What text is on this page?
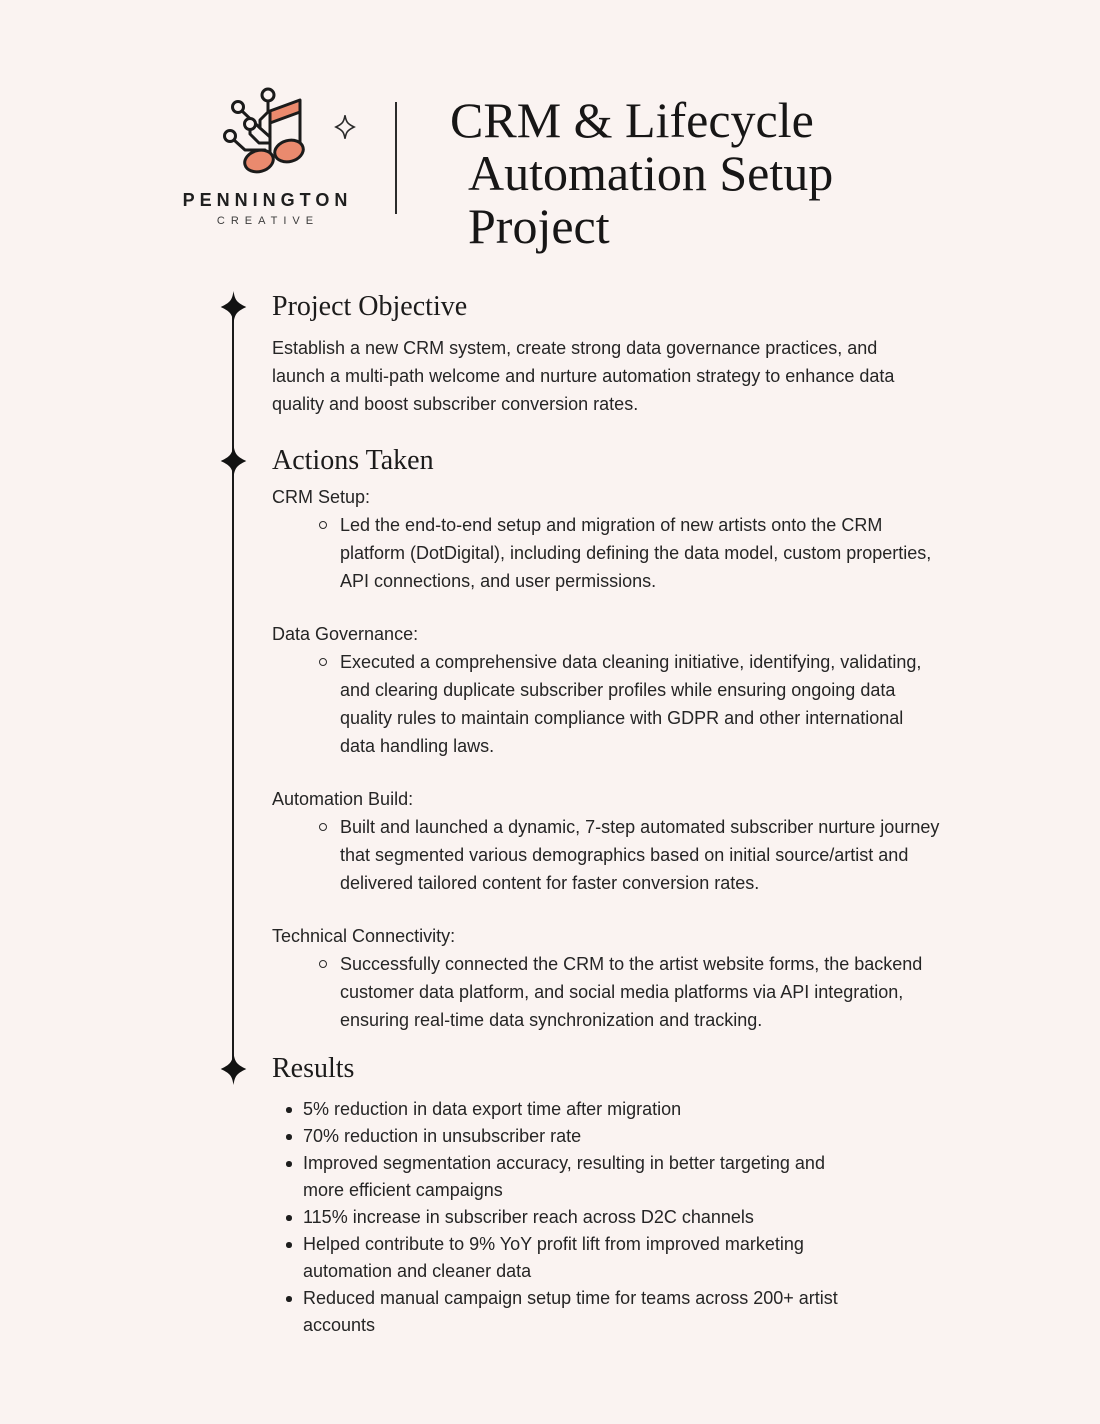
PENNINGTON
CREATIVE
CRM & Lifecycle
Automation Setup
Project
Project Objective

Establish a new CRM system, create strong data governance practices, and launch a multi-path welcome and nurture automation strategy to enhance data quality and boost subscriber conversion rates.

Actions Taken

CRM Setup:

Led the end-to-end setup and migration of new artists onto the CRM platform (DotDigital), including defining the data model, custom properties, API connections, and user permissions.

Data Governance:

Executed a comprehensive data cleaning initiative, identifying, validating, and clearing duplicate subscriber profiles while ensuring ongoing data quality rules to maintain compliance with GDPR and other international data handling laws.

Automation Build:

Built and launched a dynamic, 7-step automated subscriber nurture journey that segmented various demographics based on initial source/artist and delivered tailored content for faster conversion rates.

Technical Connectivity:

Successfully connected the CRM to the artist website forms, the backend customer data platform, and social media platforms via API integration, ensuring real-time data synchronization and tracking.
Results
5% reduction in data export time after migration
70% reduction in unsubscriber rate
Improved segmentation accuracy, resulting in better targeting and more efficient campaigns
115% increase in subscriber reach across D2C channels
Helped contribute to 9% YoY profit lift from improved marketing automation and cleaner data
Reduced manual campaign setup time for teams across 200+ artist accounts
